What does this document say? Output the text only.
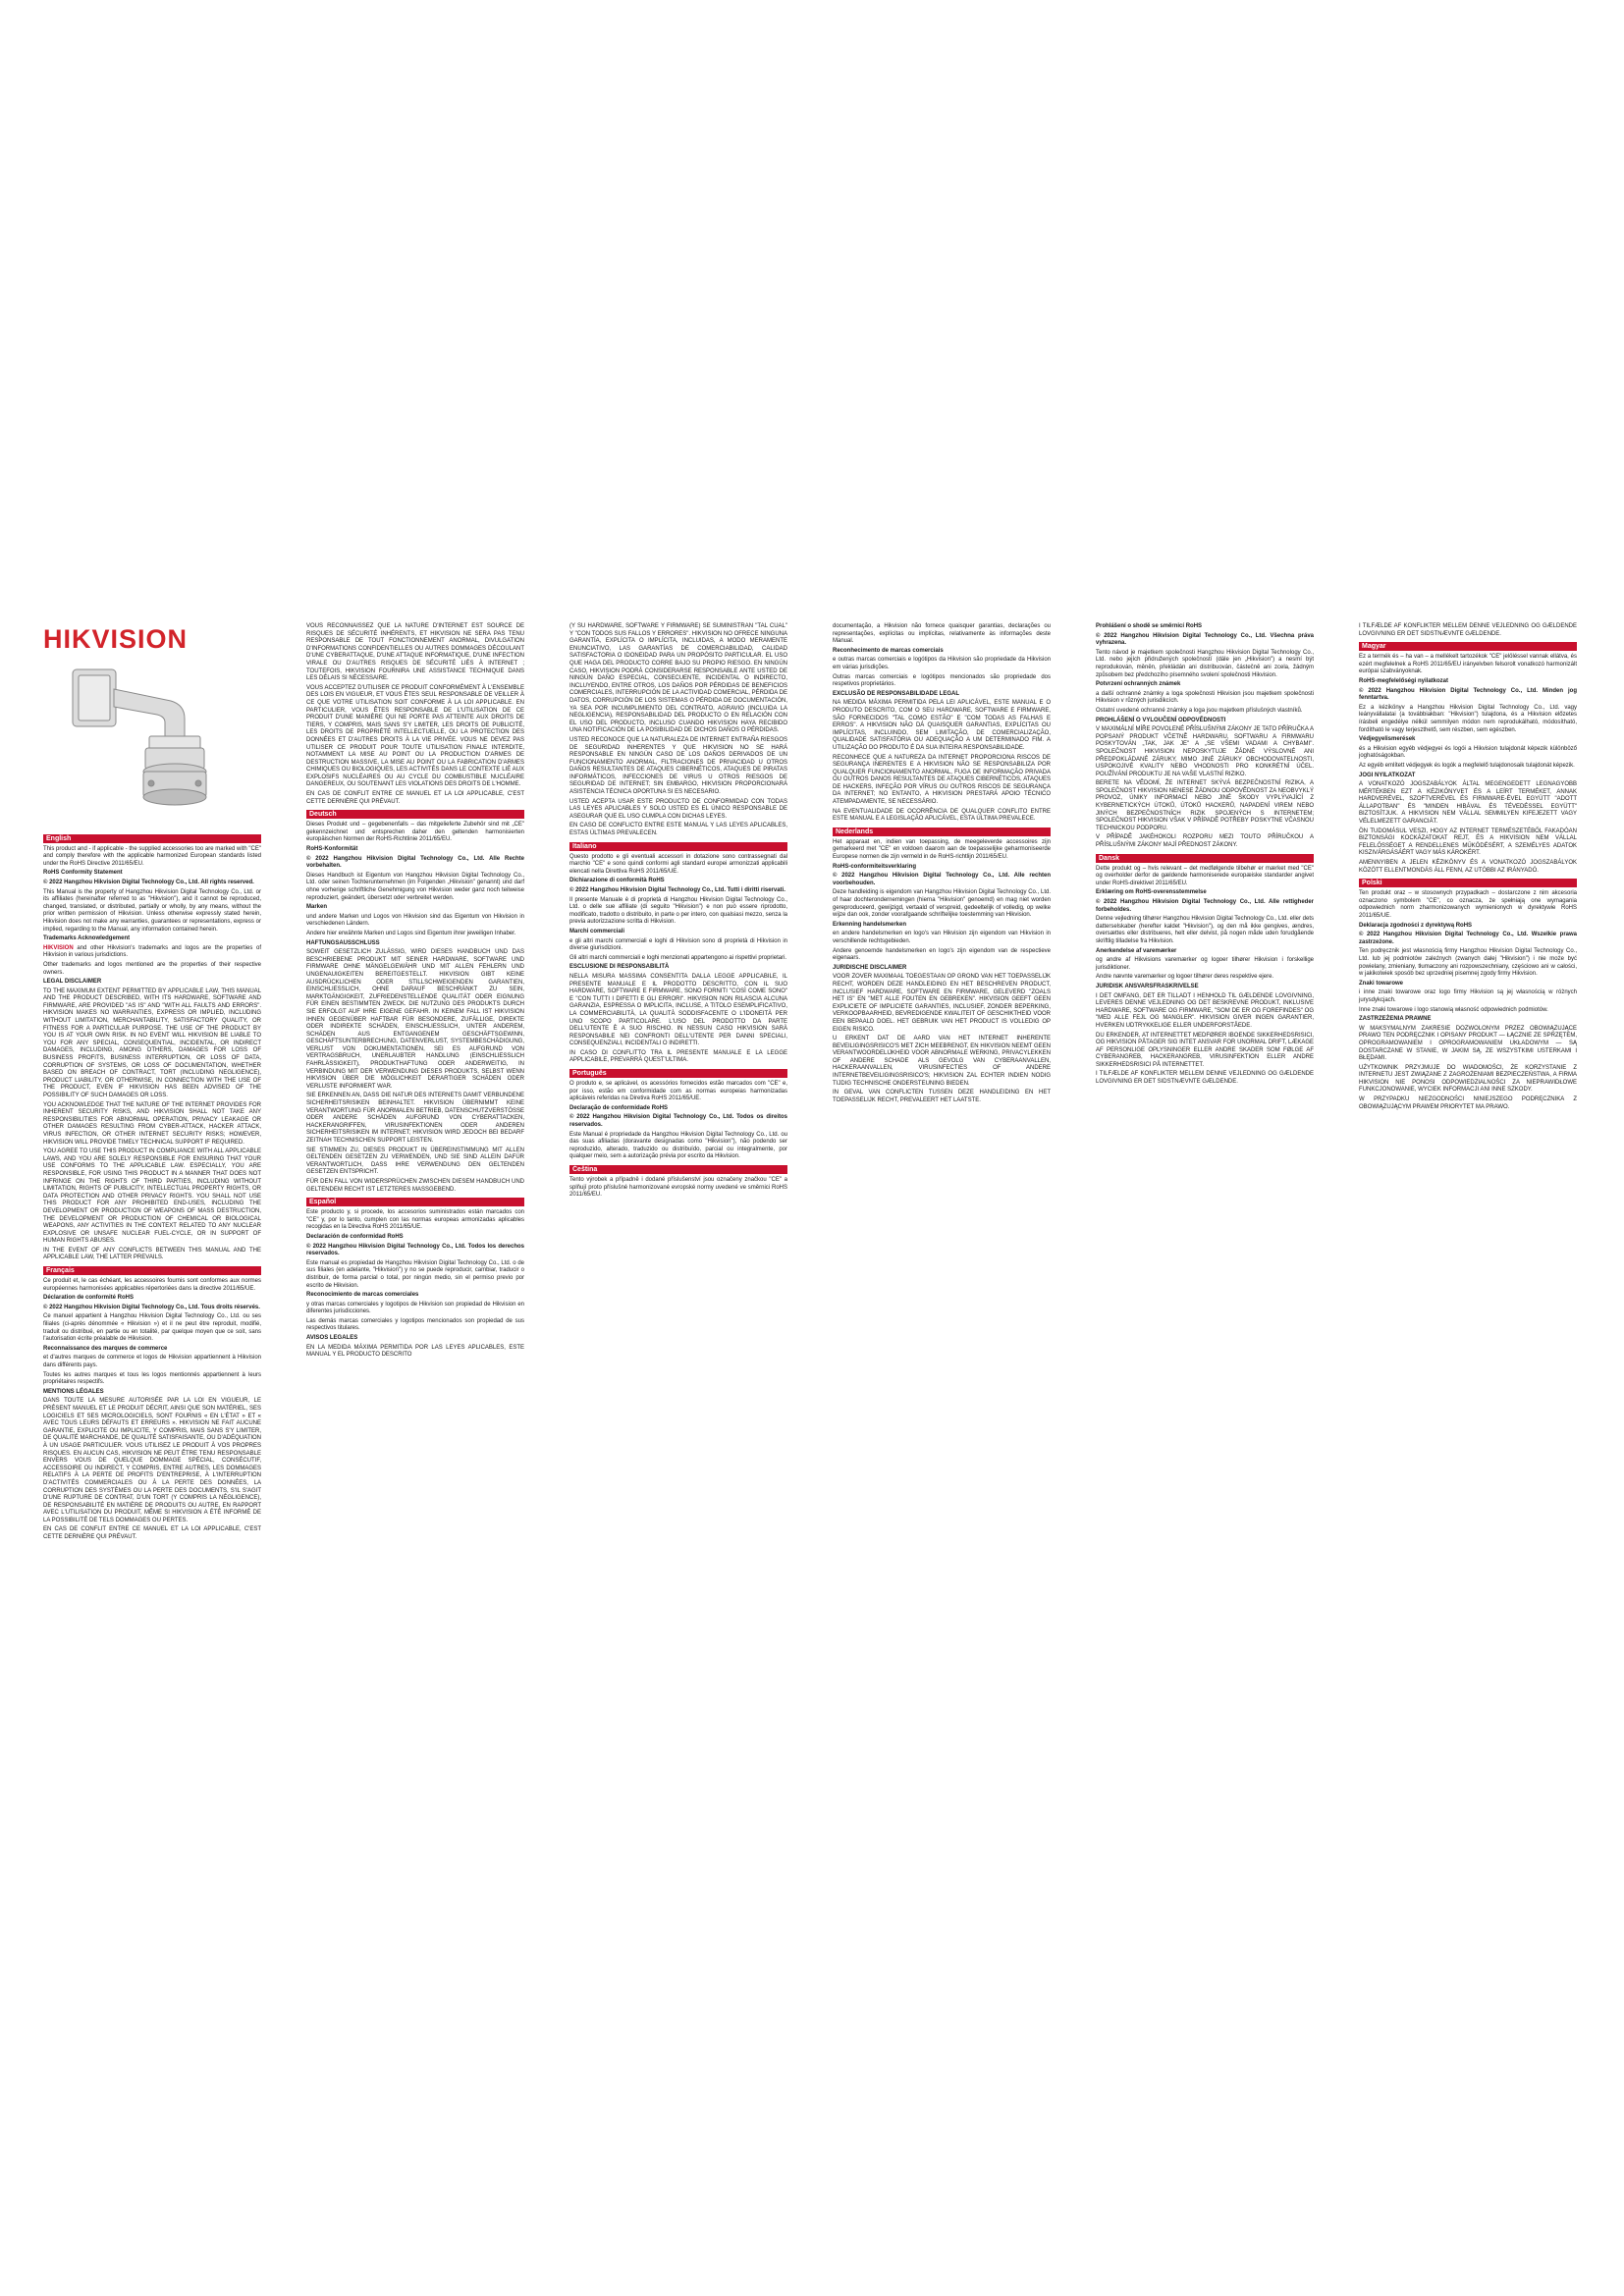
HIKVISION
English

This product and - if applicable - the supplied accessories too are marked with "CE" and comply therefore with the applicable harmonized European standards listed under the RoHS Directive 2011/65/EU.

RoHS Conformity Statement

© 2022 Hangzhou Hikvision Digital Technology Co., Ltd. All rights reserved.

This Manual is the property of Hangzhou Hikvision Digital Technology Co., Ltd. or its affiliates (hereinafter referred to as "Hikvision"), and it cannot be reproduced, changed, translated, or distributed, partially or wholly, by any means, without the prior written permission of Hikvision. Unless otherwise expressly stated herein, Hikvision does not make any warranties, guarantees or representations, express or implied, regarding to the Manual, any information contained herein.

Trademarks Acknowledgement

HIKVISION and other Hikvision's trademarks and logos are the properties of Hikvision in various jurisdictions.

Other trademarks and logos mentioned are the properties of their respective owners.

LEGAL DISCLAIMER

TO THE MAXIMUM EXTENT PERMITTED BY APPLICABLE LAW, THIS MANUAL AND THE PRODUCT DESCRIBED, WITH ITS HARDWARE, SOFTWARE AND FIRMWARE, ARE PROVIDED "AS IS" AND "WITH ALL FAULTS AND ERRORS". HIKVISION MAKES NO WARRANTIES, EXPRESS OR IMPLIED, INCLUDING WITHOUT LIMITATION, MERCHANTABILITY, SATISFACTORY QUALITY, OR FITNESS FOR A PARTICULAR PURPOSE. THE USE OF THE PRODUCT BY YOU IS AT YOUR OWN RISK. IN NO EVENT WILL HIKVISION BE LIABLE TO YOU FOR ANY SPECIAL, CONSEQUENTIAL, INCIDENTAL, OR INDIRECT DAMAGES, INCLUDING, AMONG OTHERS, DAMAGES FOR LOSS OF BUSINESS PROFITS, BUSINESS INTERRUPTION, OR LOSS OF DATA, CORRUPTION OF SYSTEMS, OR LOSS OF DOCUMENTATION, WHETHER BASED ON BREACH OF CONTRACT, TORT (INCLUDING NEGLIGENCE), PRODUCT LIABILITY, OR OTHERWISE, IN CONNECTION WITH THE USE OF THE PRODUCT, EVEN IF HIKVISION HAS BEEN ADVISED OF THE POSSIBILITY OF SUCH DAMAGES OR LOSS.

YOU ACKNOWLEDGE THAT THE NATURE OF THE INTERNET PROVIDES FOR INHERENT SECURITY RISKS, AND HIKVISION SHALL NOT TAKE ANY RESPONSIBILITIES FOR ABNORMAL OPERATION, PRIVACY LEAKAGE OR OTHER DAMAGES RESULTING FROM CYBER-ATTACK, HACKER ATTACK, VIRUS INFECTION, OR OTHER INTERNET SECURITY RISKS; HOWEVER, HIKVISION WILL PROVIDE TIMELY TECHNICAL SUPPORT IF REQUIRED.

YOU AGREE TO USE THIS PRODUCT IN COMPLIANCE WITH ALL APPLICABLE LAWS, AND YOU ARE SOLELY RESPONSIBLE FOR ENSURING THAT YOUR USE CONFORMS TO THE APPLICABLE LAW. ESPECIALLY, YOU ARE RESPONSIBLE, FOR USING THIS PRODUCT IN A MANNER THAT DOES NOT INFRINGE ON THE RIGHTS OF THIRD PARTIES, INCLUDING WITHOUT LIMITATION, RIGHTS OF PUBLICITY, INTELLECTUAL PROPERTY RIGHTS, OR DATA PROTECTION AND OTHER PRIVACY RIGHTS. YOU SHALL NOT USE THIS PRODUCT FOR ANY PROHIBITED END-USES, INCLUDING THE DEVELOPMENT OR PRODUCTION OF WEAPONS OF MASS DESTRUCTION, THE DEVELOPMENT OR PRODUCTION OF CHEMICAL OR BIOLOGICAL WEAPONS, ANY ACTIVITIES IN THE CONTEXT RELATED TO ANY NUCLEAR EXPLOSIVE OR UNSAFE NUCLEAR FUEL-CYCLE, OR IN SUPPORT OF HUMAN RIGHTS ABUSES.

IN THE EVENT OF ANY CONFLICTS BETWEEN THIS MANUAL AND THE APPLICABLE LAW, THE LATTER PREVAILS.

Français

Ce produit et, le cas échéant, les accessoires fournis sont conformes aux normes européennes harmonisées applicables répertoriées dans la directive 2011/65/UE.

Déclaration de conformité RoHS

© 2022 Hangzhou Hikvision Digital Technology Co., Ltd. Tous droits réservés.

Ce manuel appartient à Hangzhou Hikvision Digital Technology Co., Ltd. ou ses filiales (ci-après dénommée « Hikvision ») et il ne peut être reproduit, modifié, traduit ou distribué, en partie ou en totalité, par quelque moyen que ce soit, sans l'autorisation écrite préalable de Hikvision.

Reconnaissance des marques de commerce

et d'autres marques de commerce et logos de Hikvision appartiennent à Hikvision dans différents pays.

Toutes les autres marques et tous les logos mentionnés appartiennent à leurs propriétaires respectifs.

MENTIONS LÉGALES

DANS TOUTE LA MESURE AUTORISÉE PAR LA LOI EN VIGUEUR, LE PRÉSENT MANUEL ET LE PRODUIT DÉCRIT, AINSI QUE SON MATÉRIEL, SES LOGICIELS ET SES MICROLOGICIELS, SONT FOURNIS « EN L'ÉTAT » ET « AVEC TOUS LEURS DÉFAUTS ET ERREURS ». HIKVISION NE FAIT AUCUNE GARANTIE, EXPLICITE OU IMPLICITE, Y COMPRIS, MAIS SANS S'Y LIMITER, DE QUALITÉ MARCHANDE, DE QUALITÉ SATISFAISANTE, OU D'ADÉQUATION À UN USAGE PARTICULIER. VOUS UTILISEZ LE PRODUIT À VOS PROPRES RISQUES. EN AUCUN CAS, HIKVISION NE PEUT ÊTRE TENU RESPONSABLE ENVERS VOUS DE QUELQUE DOMMAGE SPÉCIAL, CONSÉCUTIF, ACCESSOIRE OU INDIRECT, Y COMPRIS, ENTRE AUTRES, LES DOMMAGES RELATIFS À LA PERTE DE PROFITS D'ENTREPRISE, À L'INTERRUPTION D'ACTIVITÉS COMMERCIALES OU À LA PERTE DES DONNÉES, LA CORRUPTION DES SYSTÈMES OU LA PERTE DES DOCUMENTS, S'IL S'AGIT D'UNE RUPTURE DE CONTRAT, D'UN TORT (Y COMPRIS LA NÉGLIGENCE), DE RESPONSABILITÉ EN MATIÈRE DE PRODUITS OU AUTRE, EN RAPPORT AVEC L'UTILISATION DU PRODUIT, MÊME SI HIKVISION A ÉTÉ INFORMÉ DE LA POSSIBILITÉ DE TELS DOMMAGES OU PERTES.

EN CAS DE CONFLIT ENTRE CE MANUEL ET LA LOI APPLICABLE, C'EST CETTE DERNIÈRE QUI PRÉVAUT.

VOUS RECONNAISSEZ QUE LA NATURE D'INTERNET EST SOURCE DE RISQUES DE SÉCURITÉ INHÉRENTS, ET HIKVISION NE SERA PAS TENU RESPONSABLE DE TOUT FONCTIONNEMENT ANORMAL, DIVULGATION D'INFORMATIONS CONFIDENTIELLES OU AUTRES DOMMAGES DÉCOULANT D'UNE CYBERATTAQUE, D'UNE ATTAQUE INFORMATIQUE, D'UNE INFECTION VIRALE OU D'AUTRES RISQUES DE SÉCURITÉ LIÉS À INTERNET ; TOUTEFOIS, HIKVISION FOURNIRA UNE ASSISTANCE TECHNIQUE DANS LES DÉLAIS SI NÉCESSAIRE.

VOUS ACCEPTEZ D'UTILISER CE PRODUIT CONFORMÉMENT À L'ENSEMBLE DES LOIS EN VIGUEUR, ET VOUS ÊTES SEUL RESPONSABLE DE VEILLER À CE QUE VOTRE UTILISATION SOIT CONFORME À LA LOI APPLICABLE. EN PARTICULIER, VOUS ÊTES RESPONSABLE DE L'UTILISATION DE CE PRODUIT D'UNE MANIÈRE QUI NE PORTE PAS ATTEINTE AUX DROITS DE TIERS, Y COMPRIS, MAIS SANS S'Y LIMITER, LES DROITS DE PUBLICITÉ, LES DROITS DE PROPRIÉTÉ INTELLECTUELLE, OU LA PROTECTION DES DONNÉES ET D'AUTRES DROITS À LA VIE PRIVÉE. VOUS NE DEVEZ PAS UTILISER CE PRODUIT POUR TOUTE UTILISATION FINALE INTERDITE, NOTAMMENT LA MISE AU POINT OU LA PRODUCTION D'ARMES DE DESTRUCTION MASSIVE, LA MISE AU POINT OU LA FABRICATION D'ARMES CHIMIQUES OU BIOLOGIQUES, LES ACTIVITÉS DANS LE CONTEXTE LIÉ AUX EXPLOSIFS NUCLÉAIRES OU AU CYCLE DU COMBUSTIBLE NUCLÉAIRE DANGEREUX, OU SOUTENANT LES VIOLATIONS DES DROITS DE L'HOMME.

EN CAS DE CONFLIT ENTRE CE MANUEL ET LA LOI APPLICABLE, C'EST CETTE DERNIÈRE QUI PRÉVAUT.

Deutsch

Dieses Produkt und – gegebenenfalls – das mitgelieferte Zubehör sind mit „CE" gekennzeichnet und entsprechen daher den geltenden harmonisierten europäischen Normen der RoHS-Richtlinie 2011/65/EU.

RoHS-Konformität

© 2022 Hangzhou Hikvision Digital Technology Co., Ltd. Alle Rechte vorbehalten.

Dieses Handbuch ist Eigentum von Hangzhou Hikvision Digital Technology Co., Ltd. oder seinen Tochterunternehmen (im Folgenden „Hikvision" genannt) und darf ohne vorherige schriftliche Genehmigung von Hikvision weder ganz noch teilweise reproduziert, geändert, übersetzt oder verbreitet werden.

Marken

und andere Marken und Logos von Hikvision sind das Eigentum von Hikvision in verschiedenen Ländern.

Andere hier erwähnte Marken und Logos sind Eigentum ihrer jeweiligen Inhaber.

HAFTUNGSAUSSCHLUSS

SOWEIT GESETZLICH ZULÄSSIG, WIRD DIESES HANDBUCH UND DAS BESCHRIEBENE PRODUKT MIT SEINER HARDWARE, SOFTWARE UND FIRMWARE OHNE MÄNGELGEWÄHR UND MIT ALLEN FEHLERN UND UNGENAUIGKEITEN BEREITGESTELLT. HIKVISION GIBT KEINE AUSDRÜCKLICHEN ODER STILLSCHWEIGENDEN GARANTIEN, EINSCHLIESSLICH, OHNE DARAUF BESCHRÄNKT ZU SEIN, MARKTGÄNGIGKEIT, ZUFRIEDENSTELLENDE QUALITÄT ODER EIGNUNG FÜR EINEN BESTIMMTEN ZWECK. DIE NUTZUNG DES PRODUKTS DURCH SIE ERFOLGT AUF IHRE EIGENE GEFAHR. IN KEINEM FALL IST HIKVISION IHNEN GEGENÜBER HAFTBAR FÜR BESONDERE, ZUFÄLLIGE, DIREKTE ODER INDIREKTE SCHÄDEN, EINSCHLIESSLICH, UNTER ANDEREM, SCHÄDEN AUS ENTGANGENEM GESCHÄFTSGEWINN, GESCHÄFTSUNTERBRECHUNG, DATENVERLUST, SYSTEMBESCHÄDIGUNG, VERLUST VON DOKUMENTATIONEN, SEI ES AUFGRUND VON VERTRAGSBRUCH, UNERLAUBTER HANDLUNG (EINSCHLIESSLICH FAHRLÄSSIGKEIT), PRODUKTHAFTUNG ODER ANDERWEITIG, IN VERBINDUNG MIT DER VERWENDUNG DIESES PRODUKTS, SELBST WENN HIKVISION ÜBER DIE MÖGLICHKEIT DERARTIGER SCHÄDEN ODER VERLUSTE INFORMIERT WAR.

SIE ERKENNEN AN, DASS DIE NATUR DES INTERNETS DAMIT VERBUNDENE SICHERHEITSRISIKEN BEINHALTET. HIKVISION ÜBERNIMMT KEINE VERANTWORTUNG FÜR ANORMALEN BETRIEB, DATENSCHUTZVERSTÖSSE ODER ANDERE SCHÄDEN AUFGRUND VON CYBERATTACKEN, HACKERANGRIFFEN, VIRUSINFEKTIONEN ODER ANDEREN SICHERHEITSRISIKEN IM INTERNET; HIKVISION WIRD JEDOCH BEI BEDARF ZEITNAH TECHNISCHEN SUPPORT LEISTEN.

SIE STIMMEN ZU, DIESES PRODUKT IN ÜBEREINSTIMMUNG MIT ALLEN GELTENDEN GESETZEN ZU VERWENDEN, UND SIE SIND ALLEIN DAFÜR VERANTWORTLICH, DASS IHRE VERWENDUNG DEN GELTENDEN GESETZEN ENTSPRICHT.

FÜR DEN FALL VON WIDERSPRÜCHEN ZWISCHEN DIESEM HANDBUCH UND GELTENDEM RECHT IST LETZTERES MASSGEBEND.

Español

Este producto y, si procede, los accesorios suministrados están marcados con "CE" y, por lo tanto, cumplen con las normas europeas armonizadas aplicables recogidas en la Directiva RoHS 2011/65/UE.

Declaración de conformidad RoHS

© 2022 Hangzhou Hikvision Digital Technology Co., Ltd. Todos los derechos reservados.

Este manual es propiedad de Hangzhou Hikvision Digital Technology Co., Ltd. o de sus filiales (en adelante, "Hikvision") y no se puede reproducir, cambiar, traducir o distribuir, de forma parcial o total, por ningún medio, sin el permiso previo por escrito de Hikvision.

Reconocimiento de marcas comerciales

y otras marcas comerciales y logotipos de Hikvision son propiedad de Hikvision en diferentes jurisdicciones.

Las demás marcas comerciales y logotipos mencionados son propiedad de sus respectivos titulares.

AVISOS LEGALES

EN LA MEDIDA MÁXIMA PERMITIDA POR LAS LEYES APLICABLES, ESTE MANUAL Y EL PRODUCTO DESCRITO

(Y SU HARDWARE, SOFTWARE Y FIRMWARE) SE SUMINISTRAN "TAL CUAL" Y "CON TODOS SUS FALLOS Y ERRORES". HIKVISION NO OFRECE NINGUNA GARANTÍA, EXPLÍCITA O IMPLÍCITA, INCLUIDAS, A MODO MERAMENTE ENUNCIATIVO, LAS GARANTÍAS DE COMERCIABILIDAD, CALIDAD SATISFACTORIA O IDONEIDAD PARA UN PROPÓSITO PARTICULAR. EL USO QUE HAGA DEL PRODUCTO CORRE BAJO SU PROPIO RIESGO. EN NINGÚN CASO, HIKVISION PODRÁ CONSIDERARSE RESPONSABLE ANTE USTED DE NINGÚN DAÑO ESPECIAL, CONSECUENTE, INCIDENTAL O INDIRECTO, INCLUYENDO, ENTRE OTROS, LOS DAÑOS POR PÉRDIDAS DE BENEFICIOS COMERCIALES, INTERRUPCIÓN DE LA ACTIVIDAD COMERCIAL, PÉRDIDA DE DATOS, CORRUPCIÓN DE LOS SISTEMAS O PÉRDIDA DE DOCUMENTACIÓN, YA SEA POR INCUMPLIMIENTO DEL CONTRATO, AGRAVIO (INCLUIDA LA NEGLIGENCIA), RESPONSABILIDAD DEL PRODUCTO O EN RELACIÓN CON EL USO DEL PRODUCTO, INCLUSO CUANDO HIKVISION HAYA RECIBIDO UNA NOTIFICACIÓN DE LA POSIBILIDAD DE DICHOS DAÑOS O PÉRDIDAS.

USTED RECONOCE QUE LA NATURALEZA DE INTERNET ENTRAÑA RIESGOS DE SEGURIDAD INHERENTES Y QUE HIKVISION NO SE HARÁ RESPONSABLE EN NINGÚN CASO DE LOS DAÑOS DERIVADOS DE UN FUNCIONAMIENTO ANORMAL, FILTRACIONES DE PRIVACIDAD U OTROS DAÑOS RESULTANTES DE ATAQUES CIBERNÉTICOS, ATAQUES DE PIRATAS INFORMÁTICOS, INFECCIONES DE VIRUS U OTROS RIESGOS DE SEGURIDAD DE INTERNET; SIN EMBARGO, HIKVISION PROPORCIONARÁ ASISTENCIA TÉCNICA OPORTUNA SI ES NECESARIO.

USTED ACEPTA USAR ESTE PRODUCTO DE CONFORMIDAD CON TODAS LAS LEYES APLICABLES Y SOLO USTED ES EL ÚNICO RESPONSABLE DE ASEGURAR QUE EL USO CUMPLA CON DICHAS LEYES.

EN CASO DE CONFLICTO ENTRE ESTE MANUAL Y LAS LEYES APLICABLES, ESTAS ÚLTIMAS PREVALECEN.

Italiano

Questo prodotto e gli eventuali accessori in dotazione sono contrassegnati dal marchio "CE" e sono quindi conformi agli standard europei armonizzati applicabili elencati nella Direttiva RoHS 2011/65/UE.

Dichiarazione di conformità RoHS

© 2022 Hangzhou Hikvision Digital Technology Co., Ltd. Tutti i diritti riservati.

Il presente Manuale è di proprietà di Hangzhou Hikvision Digital Technology Co., Ltd. o delle sue affiliate (di seguito "Hikvision") e non può essere riprodotto, modificato, tradotto o distribuito, in parte o per intero, con qualsiasi mezzo, senza la previa autorizzazione scritta di Hikvision.

Marchi commerciali

e gli altri marchi commerciali e loghi di Hikvision sono di proprietà di Hikvision in diverse giurisdizioni.

Gli altri marchi commerciali e loghi menzionati appartengono ai rispettivi proprietari.

ESCLUSIONE DI RESPONSABILITÀ

NELLA MISURA MASSIMA CONSENTITA DALLA LEGGE APPLICABILE, IL PRESENTE MANUALE E IL PRODOTTO DESCRITTO, CON IL SUO HARDWARE, SOFTWARE E FIRMWARE, SONO FORNITI "COSÌ COME SONO" E "CON TUTTI I DIFETTI E GLI ERRORI". HIKVISION NON RILASCIA ALCUNA GARANZIA, ESPRESSA O IMPLICITA, INCLUSE, A TITOLO ESEMPLIFICATIVO, LA COMMERCIABILITÀ, LA QUALITÀ SODDISFACENTE O L'IDONEITÀ PER UNO SCOPO PARTICOLARE. L'USO DEL PRODOTTO DA PARTE DELL'UTENTE È A SUO RISCHIO. IN NESSUN CASO HIKVISION SARÀ RESPONSABILE NEI CONFRONTI DELL'UTENTE PER DANNI SPECIALI, CONSEQUENZIALI, INCIDENTALI O INDIRETTI.

IN CASO DI CONFLITTO TRA IL PRESENTE MANUALE E LA LEGGE APPLICABILE, PREVARRÀ QUEST'ULTIMA.

Português

O produto e, se aplicável, os acessórios fornecidos estão marcados com "CE" e, por isso, estão em conformidade com as normas europeias harmonizadas aplicáveis referidas na Diretiva RoHS 2011/65/UE.

Declaração de conformidade RoHS

© 2022 Hangzhou Hikvision Digital Technology Co., Ltd. Todos os direitos reservados.

Este Manual é propriedade da Hangzhou Hikvision Digital Technology Co., Ltd. ou das suas afiliadas (doravante designadas como "Hikvision"), não podendo ser reproduzido, alterado, traduzido ou distribuído, parcial ou integralmente, por qualquer meio, sem a autorização prévia por escrito da Hikvision.

Čeština

Tento výrobek a případně i dodané příslušenství jsou označeny značkou "CE" a splňují proto příslušné harmonizované evropské normy uvedené ve směrnici RoHS 2011/65/EU.

documentação, a Hikvision não fornece quaisquer garantias, declarações ou representações, explícitas ou implícitas, relativamente às informações deste Manual.

Reconhecimento de marcas comerciais

e outras marcas comerciais e logótipos da Hikvision são propriedade da Hikvision em várias jurisdições.

Outras marcas comerciais e logótipos mencionados são propriedade dos respetivos proprietários.

EXCLUSÃO DE RESPONSABILIDADE LEGAL

NA MEDIDA MÁXIMA PERMITIDA PELA LEI APLICÁVEL, ESTE MANUAL E O PRODUTO DESCRITO, COM O SEU HARDWARE, SOFTWARE E FIRMWARE, SÃO FORNECIDOS "TAL COMO ESTÃO" E "COM TODAS AS FALHAS E ERROS". A HIKVISION NÃO DÁ QUAISQUER GARANTIAS, EXPLÍCITAS OU IMPLÍCITAS, INCLUINDO, SEM LIMITAÇÃO, DE COMERCIALIZAÇÃO, QUALIDADE SATISFATÓRIA OU ADEQUAÇÃO A UM DETERMINADO FIM. A UTILIZAÇÃO DO PRODUTO É DA SUA INTEIRA RESPONSABILIDADE.

RECONHECE QUE A NATUREZA DA INTERNET PROPORCIONA RISCOS DE SEGURANÇA INERENTES E A HIKVISION NÃO SE RESPONSABILIZA POR QUALQUER FUNCIONAMENTO ANORMAL, FUGA DE INFORMAÇÃO PRIVADA OU OUTROS DANOS RESULTANTES DE ATAQUES CIBERNÉTICOS, ATAQUES DE HACKERS, INFEÇÃO POR VÍRUS OU OUTROS RISCOS DE SEGURANÇA DA INTERNET; NO ENTANTO, A HIKVISION PRESTARÁ APOIO TÉCNICO ATEMPADAMENTE, SE NECESSÁRIO.

NA EVENTUALIDADE DE OCORRÊNCIA DE QUALQUER CONFLITO ENTRE ESTE MANUAL E A LEGISLAÇÃO APLICÁVEL, ESTA ÚLTIMA PREVALECE.

Nederlands

Het apparaat en, indien van toepassing, de meegeleverde accessoires zijn gemarkeerd met "CE" en voldoen daarom aan de toepasselijke geharmoniseerde Europese normen die zijn vermeld in de RoHS-richtlijn 2011/65/EU.

RoHS-conformiteitsverklaring

© 2022 Hangzhou Hikvision Digital Technology Co., Ltd. Alle rechten voorbehouden.

Deze handleiding is eigendom van Hangzhou Hikvision Digital Technology Co., Ltd. of haar dochterondernemingen (hierna "Hikvision" genoemd) en mag niet worden gereproduceerd, gewijzigd, vertaald of verspreid, gedeeltelijk of volledig, op welke wijze dan ook, zonder voorafgaande schriftelijke toestemming van Hikvision.

Erkenning handelsmerken

en andere handelsmerken en logo's van Hikvision zijn eigendom van Hikvision in verschillende rechtsgebieden.

Andere genoemde handelsmerken en logo's zijn eigendom van de respectieve eigenaars.

JURIDISCHE DISCLAIMER

VOOR ZOVER MAXIMAAL TOEGESTAAN OP GROND VAN HET TOEPASSELIJK RECHT, WORDEN DEZE HANDLEIDING EN HET BESCHREVEN PRODUCT, INCLUSIEF HARDWARE, SOFTWARE EN FIRMWARE, GELEVERD "ZOALS HET IS" EN "MET ALLE FOUTEN EN GEBREKEN". HIKVISION GEEFT GEEN EXPLICIETE OF IMPLICIETE GARANTIES, INCLUSIEF, ZONDER BEPERKING, VERKOOPBAARHEID, BEVREDIGENDE KWALITEIT OF GESCHIKTHEID VOOR EEN BEPAALD DOEL. HET GEBRUIK VAN HET PRODUCT IS VOLLEDIG OP EIGEN RISICO.

U ERKENT DAT DE AARD VAN HET INTERNET INHERENTE BEVEILIGINGSRISICO'S MET ZICH MEEBRENGT, EN HIKVISION NEEMT GEEN VERANTWOORDELIJKHEID VOOR ABNORMALE WERKING, PRIVACYLEKKEN OF ANDERE SCHADE ALS GEVOLG VAN CYBERAANVALLEN, HACKERAANVALLEN, VIRUSINFECTIES OF ANDERE INTERNETBEVEILIGINGSRISICO'S; HIKVISION ZAL ECHTER INDIEN NODIG TIJDIG TECHNISCHE ONDERSTEUNING BIEDEN.

IN GEVAL VAN CONFLICTEN TUSSEN DEZE HANDLEIDING EN HET TOEPASSELIJK RECHT, PREVALEERT HET LAATSTE.

Prohlášení o shodě se směrnicí RoHS

© 2022 Hangzhou Hikvision Digital Technology Co., Ltd. Všechna práva vyhrazena.

Tento návod je majetkem společnosti Hangzhou Hikvision Digital Technology Co., Ltd. nebo jejích přidružených společností (dále jen „Hikvision") a nesmí být reprodukován, měněn, překládán ani distribuován, částečně ani zcela, žádným způsobem bez předchozího písemného svolení společnosti Hikvision.

Potvrzení ochranných známek

a další ochranné známky a loga společnosti Hikvision jsou majetkem společnosti Hikvision v různých jurisdikcích.

Ostatní uvedené ochranné známky a loga jsou majetkem příslušných vlastníků.

PROHLÁŠENÍ O VYLOUČENÍ ODPOVĚDNOSTI

V MAXIMÁLNÍ MÍŘE POVOLENÉ PŘÍSLUŠNÝMI ZÁKONY JE TATO PŘÍRUČKA A POPSANÝ PRODUKT VČETNĚ HARDWARU, SOFTWARU A FIRMWARU POSKYTOVÁN „TAK, JAK JE" A „SE VŠEMI VADAMI A CHYBAMI". SPOLEČNOST HIKVISION NEPOSKYTUJE ŽÁDNÉ VÝSLOVNÉ ANI PŘEDPOKLÁDANÉ ZÁRUKY, MIMO JINÉ ZÁRUKY OBCHODOVATELNOSTI, USPOKOJIVÉ KVALITY NEBO VHODNOSTI PRO KONKRÉTNÍ ÚČEL. POUŽÍVÁNÍ PRODUKTU JE NA VAŠE VLASTNÍ RIZIKO.

BERETE NA VĚDOMÍ, ŽE INTERNET SKÝVÁ BEZPEČNOSTNÍ RIZIKA, A SPOLEČNOST HIKVISION NENESE ŽÁDNOU ODPOVĚDNOST ZA NEOBVYKLÝ PROVOZ, ÚNIKY INFORMACÍ NEBO JINÉ ŠKODY VYPLÝVAJÍCÍ Z KYBERNETICKÝCH ÚTOKŮ, ÚTOKŮ HACKERŮ, NAPADENÍ VIREM NEBO JINÝCH BEZPEČNOSTNÍCH RIZIK SPOJENÝCH S INTERNETEM; SPOLEČNOST HIKVISION VŠAK V PŘÍPADĚ POTŘEBY POSKYTNE VČASNOU TECHNICKOU PODPORU.

V PŘÍPADĚ JAKÉHOKOLI ROZPORU MEZI TOUTO PŘÍRUČKOU A PŘÍSLUŠNÝMI ZÁKONY MAJÍ PŘEDNOST ZÁKONY.

Dansk

Dette produkt og – hvis relevant – det medfølgende tilbehør er mærket med "CE" og overholder derfor de gældende harmoniserede europæiske standarder angivet under RoHS-direktivet 2011/65/EU.

Erklæring om RoHS-overensstemmelse

© 2022 Hangzhou Hikvision Digital Technology Co., Ltd. Alle rettigheder forbeholdes.

Denne vejledning tilhører Hangzhou Hikvision Digital Technology Co., Ltd. eller dets datterselskaber (herefter kaldet "Hikvision"), og den må ikke gengives, ændres, oversættes eller distribueres, helt eller delvist, på nogen måde uden forudgående skriftlig tilladelse fra Hikvision.

Anerkendelse af varemærker

og andre af Hikvisions varemærker og logoer tilhører Hikvision i forskellige jurisdiktioner.

Andre nævnte varemærker og logoer tilhører deres respektive ejere.

JURIDISK ANSVARSFRASKRIVELSE

I DET OMFANG, DET ER TILLADT I HENHOLD TIL GÆLDENDE LOVGIVNING, LEVERES DENNE VEJLEDNING OG DET BESKREVNE PRODUKT, INKLUSIVE HARDWARE, SOFTWARE OG FIRMWARE, "SOM DE ER OG FOREFINDES" OG "MED ALLE FEJL OG MANGLER". HIKVISION GIVER INGEN GARANTIER, HVERKEN UDTRYKKELIGE ELLER UNDERFORSTÅEDE.

DU ERKENDER, AT INTERNETTET MEDFØRER IBOENDE SIKKERHEDSRISICI, OG HIKVISION PÅTAGER SIG INTET ANSVAR FOR UNORMAL DRIFT, LÆKAGE AF PERSONLIGE OPLYSNINGER ELLER ANDRE SKADER SOM FØLGE AF CYBERANGREB, HACKERANGREB, VIRUSINFEKTION ELLER ANDRE SIKKERHEDSRISICI PÅ INTERNETTET.

I TILFÆLDE AF KONFLIKTER MELLEM DENNE VEJLEDNING OG GÆLDENDE LOVGIVNING ER DET SIDSTNÆVNTE GÆLDENDE.

I TILFÆLDE AF KONFLIKTER MELLEM DENNE VEJLEDNING OG GÆLDENDE LOVGIVNING ER DET SIDSTNÆVNTE GÆLDENDE.

Magyar

Ez a termék és – ha van – a mellékelt tartozékok "CE" jelöléssel vannak ellátva, és ezért megfelelnek a RoHS 2011/65/EU irányelvben felsorolt vonatkozó harmonizált európai szabványoknak.

RoHS-megfelelőségi nyilatkozat

© 2022 Hangzhou Hikvision Digital Technology Co., Ltd. Minden jog fenntartva.

Ez a kézikönyv a Hangzhou Hikvision Digital Technology Co., Ltd. vagy leányvállalatai (a továbbiakban: "Hikvision") tulajdona, és a Hikvision előzetes írásbeli engedélye nélkül semmilyen módon nem reprodukálható, módosítható, fordítható le vagy terjeszthető, sem részben, sem egészben.

Védjegyelismerések

és a Hikvision egyéb védjegyei és logói a Hikvision tulajdonát képezik különböző joghatóságokban.

Az egyéb említett védjegyek és logók a megfelelő tulajdonosaik tulajdonát képezik.

JOGI NYILATKOZAT

A VONATKOZÓ JOGSZABÁLYOK ÁLTAL MEGENGEDETT LEGNAGYOBB MÉRTÉKBEN EZT A KÉZIKÖNYVET ÉS A LEÍRT TERMÉKET, ANNAK HARDVERÉVEL, SZOFTVERÉVEL ÉS FIRMWARE-ÉVEL EGYÜTT "ADOTT ÁLLAPOTBAN" ÉS "MINDEN HIBÁVAL ÉS TÉVEDÉSSEL EGYÜTT" BIZTOSÍTJUK. A HIKVISION NEM VÁLLAL SEMMILYEN KIFEJEZETT VAGY VÉLELMEZETT GARANCIÁT.

ÖN TUDOMÁSUL VESZI, HOGY AZ INTERNET TERMÉSZETÉBŐL FAKADÓAN BIZTONSÁGI KOCKÁZATOKAT REJT, ÉS A HIKVISION NEM VÁLLAL FELELŐSSÉGET A RENDELLENES MŰKÖDÉSÉRT, A SZEMÉLYES ADATOK KISZIVÁRGÁSÁÉRT VAGY MÁS KÁROKÉRT.

AMENNYIBEN A JELEN KÉZIKÖNYV ÉS A VONATKOZÓ JOGSZABÁLYOK KÖZÖTT ELLENTMONDÁS ÁLL FENN, AZ UTÓBBI AZ IRÁNYADÓ.

Polski

Ten produkt oraz – w stosownych przypadkach – dostarczone z nim akcesoria oznaczono symbolem "CE", co oznacza, że spełniają one wymagania odpowiednich norm zharmonizowanych wymienionych w dyrektywie RoHS 2011/65/UE.

Deklaracja zgodności z dyrektywą RoHS

© 2022 Hangzhou Hikvision Digital Technology Co., Ltd. Wszelkie prawa zastrzeżone.

Ten podręcznik jest własnością firmy Hangzhou Hikvision Digital Technology Co., Ltd. lub jej podmiotów zależnych (zwanych dalej "Hikvision") i nie może być powielany, zmieniany, tłumaczony ani rozpowszechniany, częściowo ani w całości, w jakikolwiek sposób bez uprzedniej pisemnej zgody firmy Hikvision.

Znaki towarowe

i inne znaki towarowe oraz logo firmy Hikvision są jej własnością w różnych jurysdykcjach.

Inne znaki towarowe i logo stanowią własność odpowiednich podmiotów.

ZASTRZEŻENIA PRAWNE

W MAKSYMALNYM ZAKRESIE DOZWOLONYM PRZEZ OBOWIĄZUJĄCE PRAWO TEN PODRĘCZNIK I OPISANY PRODUKT — ŁĄCZNIE ZE SPRZĘTEM, OPROGRAMOWANIEM I OPROGRAMOWANIEM UKŁADOWYM — SĄ DOSTARCZANE W STANIE, W JAKIM SĄ, ZE WSZYSTKIMI USTERKAMI I BŁĘDAMI.

UŻYTKOWNIK PRZYJMUJE DO WIADOMOŚCI, ŻE KORZYSTANIE Z INTERNETU JEST ZWIĄZANE Z ZAGROŻENIAMI BEZPIECZEŃSTWA, A FIRMA HIKVISION NIE PONOSI ODPOWIEDZIALNOŚCI ZA NIEPRAWIDŁOWE FUNKCJONOWANIE, WYCIEK INFORMACJI ANI INNE SZKODY.

W PRZYPADKU NIEZGODNOŚCI NINIEJSZEGO PODRĘCZNIKA Z OBOWIĄZUJĄCYM PRAWEM PRIORYTET MA PRAWO.
